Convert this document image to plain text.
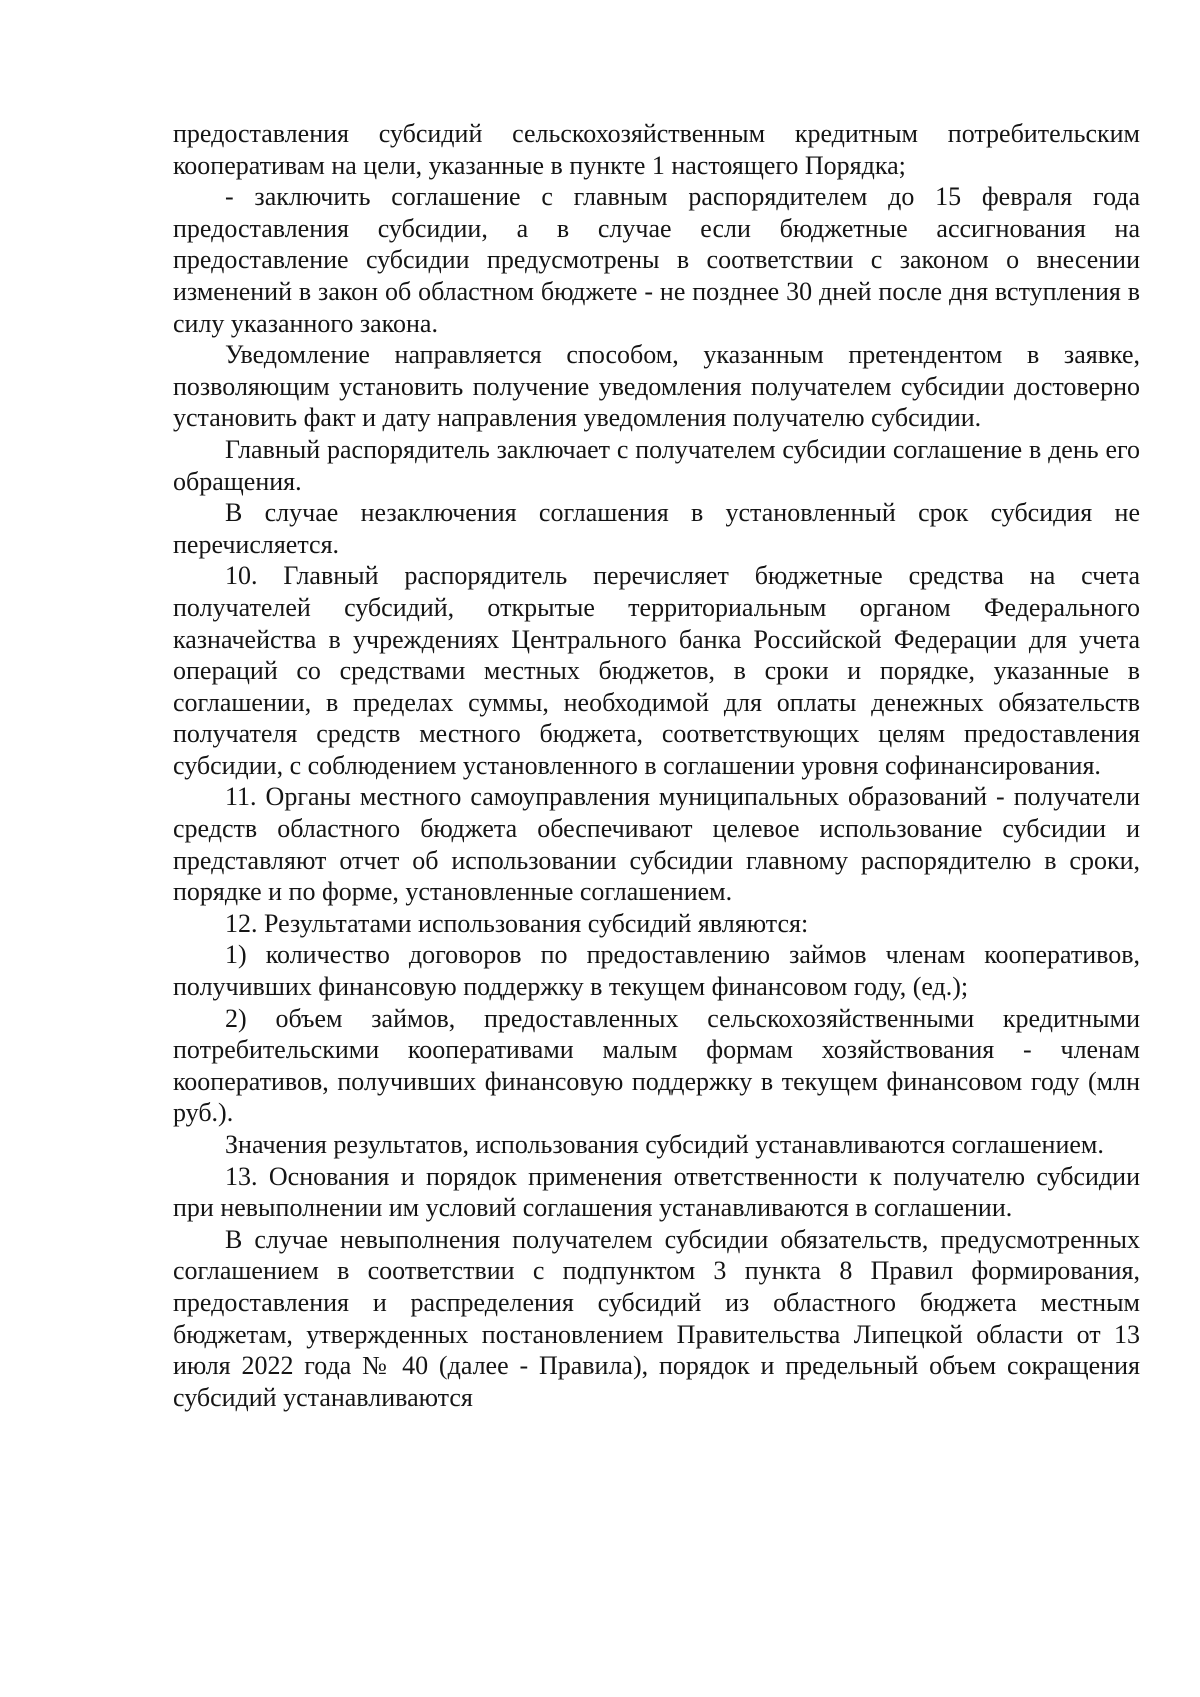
предоставления субсидий сельскохозяйственным кредитным потребительским кооперативам на цели, указанные в пункте 1 настоящего Порядка;

- заключить соглашение с главным распорядителем до 15 февраля года предоставления субсидии, а в случае если бюджетные ассигнования на предоставление субсидии предусмотрены в соответствии с законом о внесении изменений в закон об областном бюджете - не позднее 30 дней после дня вступления в силу указанного закона.

Уведомление направляется способом, указанным претендентом в заявке, позволяющим установить получение уведомления получателем субсидии достоверно установить факт и дату направления уведомления получателю субсидии.

Главный распорядитель заключает с получателем субсидии соглашение в день его обращения.

В случае незаключения соглашения в установленный срок субсидия не перечисляется.

10. Главный распорядитель перечисляет бюджетные средства на счета получателей субсидий, открытые территориальным органом Федерального казначейства в учреждениях Центрального банка Российской Федерации для учета операций со средствами местных бюджетов, в сроки и порядке, указанные в соглашении, в пределах суммы, необходимой для оплаты денежных обязательств получателя средств местного бюджета, соответствующих целям предоставления субсидии, с соблюдением установленного в соглашении уровня софинансирования.

11. Органы местного самоуправления муниципальных образований - получатели средств областного бюджета обеспечивают целевое использование субсидии и представляют отчет об использовании субсидии главному распорядителю в сроки, порядке и по форме, установленные соглашением.

12. Результатами использования субсидий являются:

1) количество договоров по предоставлению займов членам кооперативов, получивших финансовую поддержку в текущем финансовом году, (ед.);

2) объем займов, предоставленных сельскохозяйственными кредитными потребительскими кооперативами малым формам хозяйствования - членам кооперативов, получивших финансовую поддержку в текущем финансовом году (млн руб.).

Значения результатов, использования субсидий устанавливаются соглашением.

13. Основания и порядок применения ответственности к получателю субсидии при невыполнении им условий соглашения устанавливаются в соглашении.

В случае невыполнения получателем субсидии обязательств, предусмотренных соглашением в соответствии с подпунктом 3 пункта 8 Правил формирования, предоставления и распределения субсидий из областного бюджета местным бюджетам, утвержденных постановлением Правительства Липецкой области от 13 июля 2022 года № 40 (далее - Правила), порядок и предельный объем сокращения субсидий устанавливаются
